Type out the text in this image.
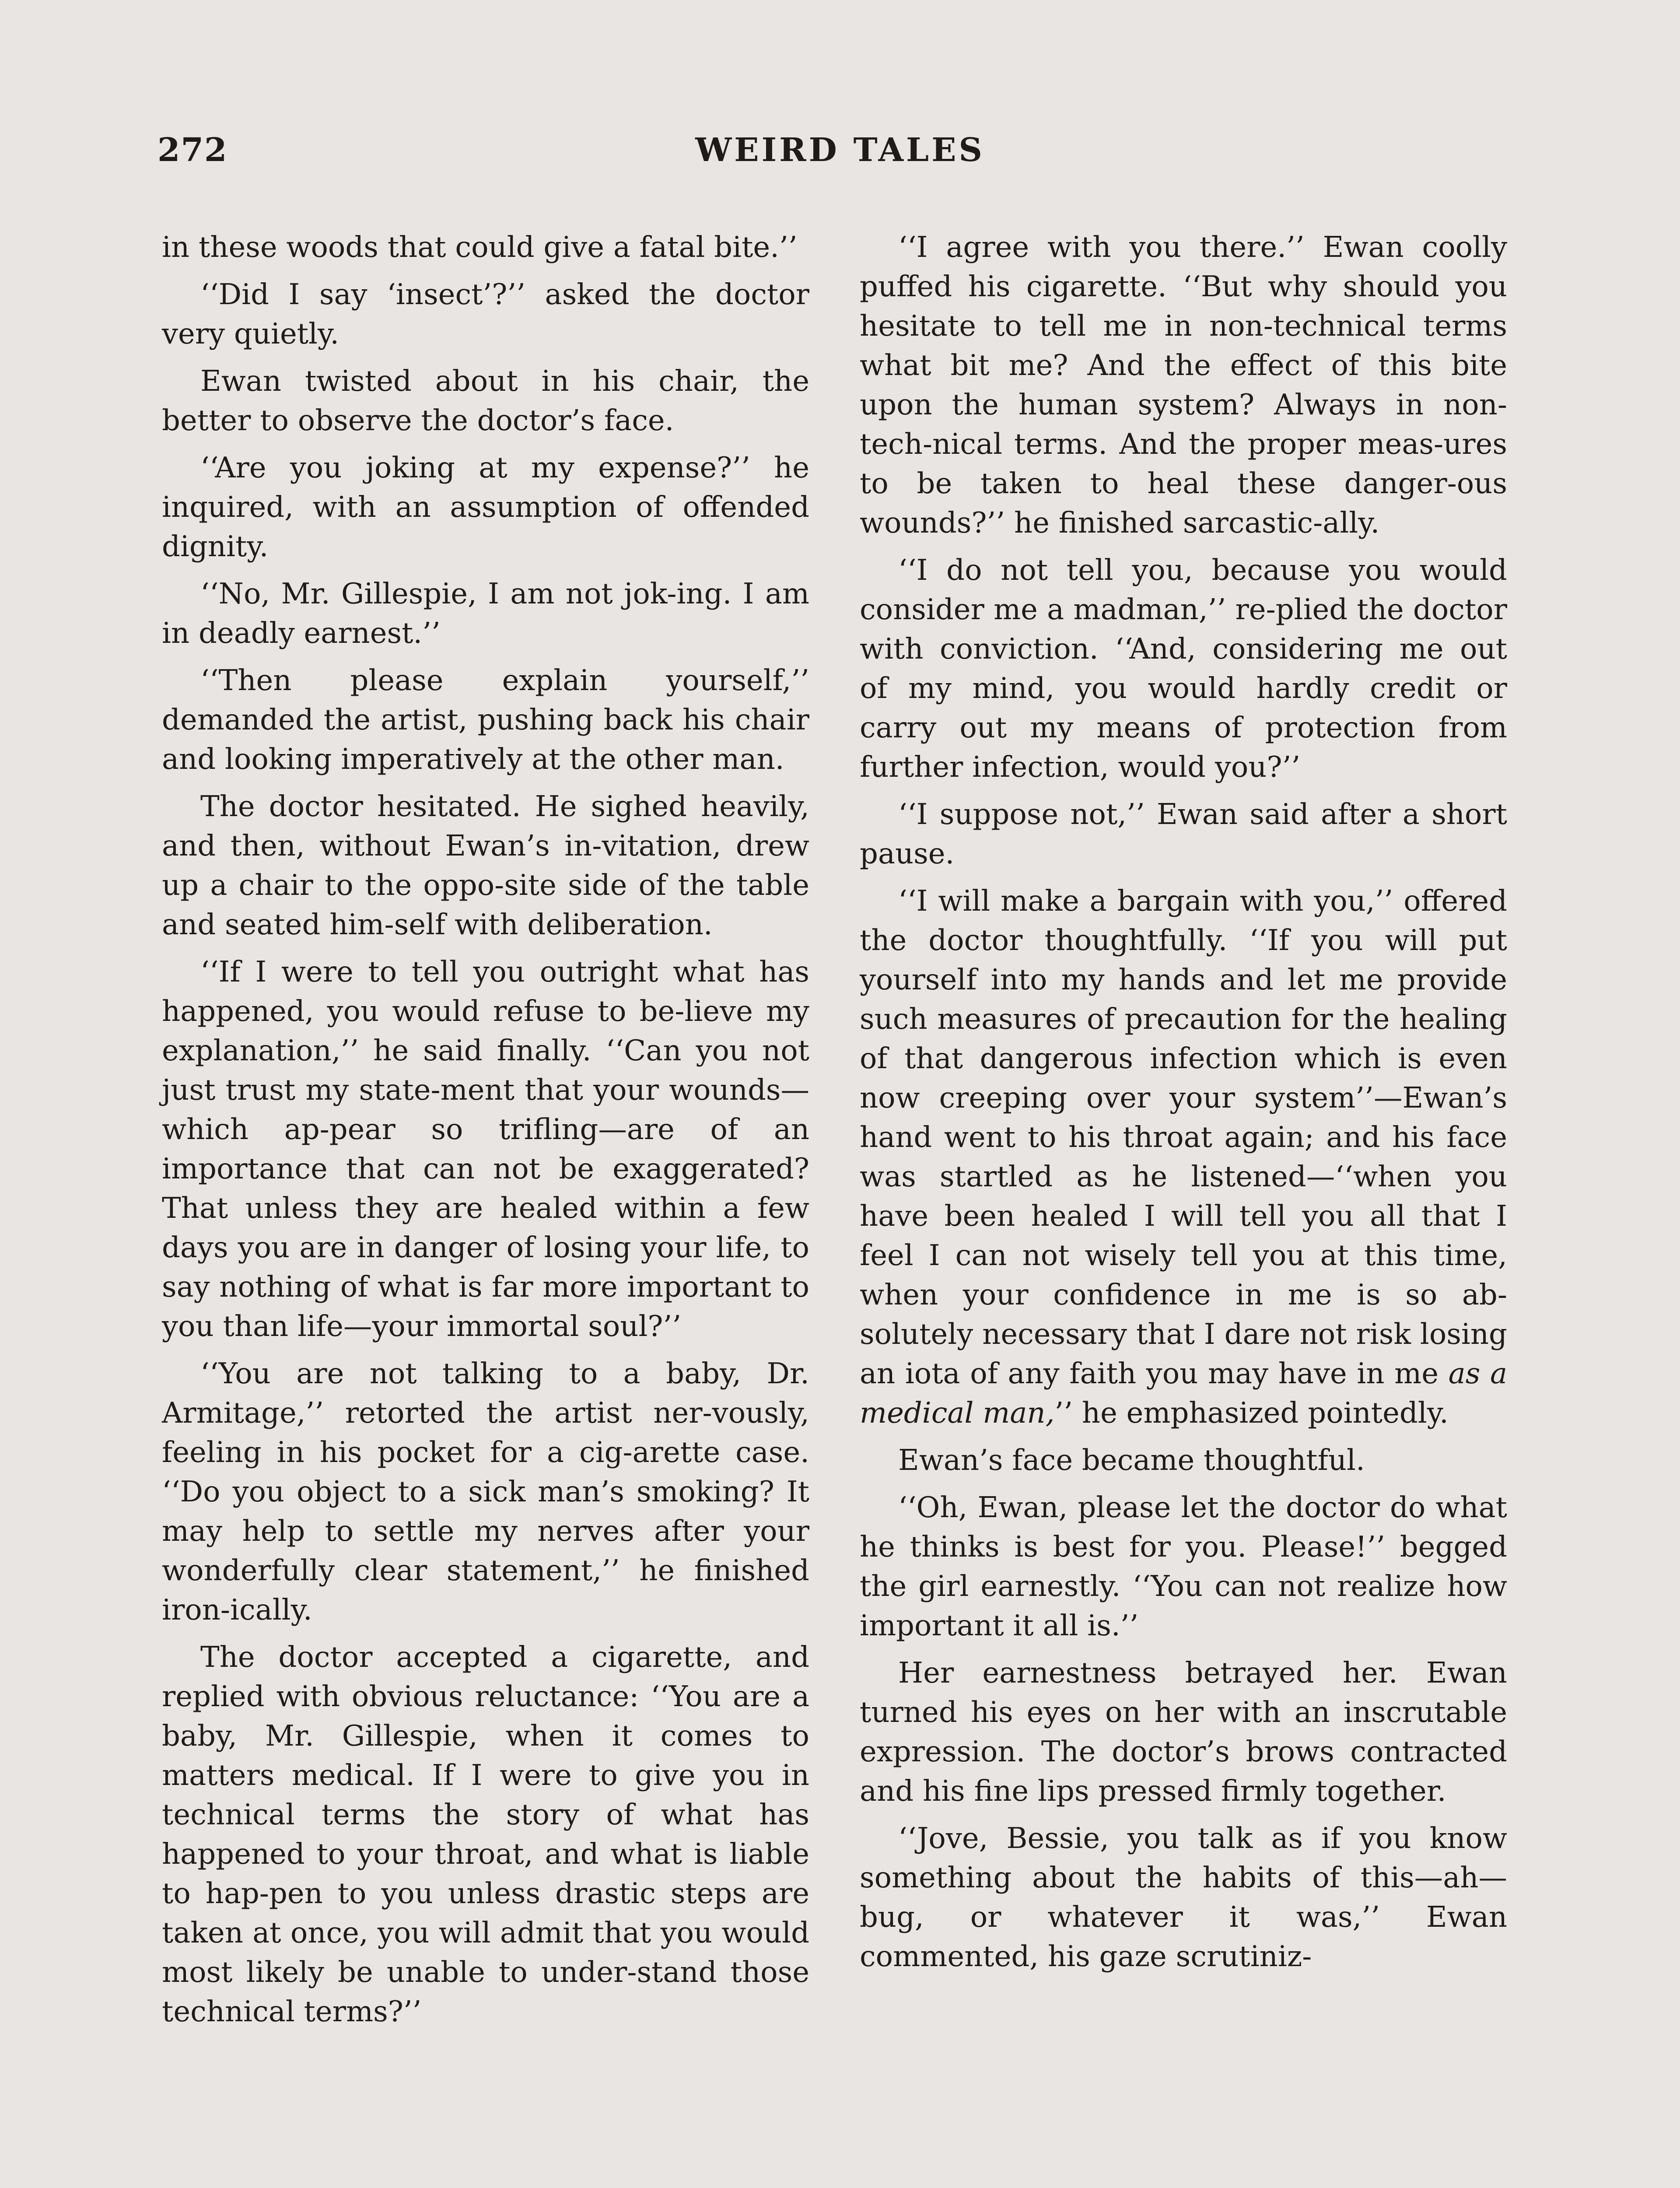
272	WEIRD TALES

in these woods that could give a fatal bite.’’

‘‘Did I say ‘insect’?’’ asked the doctor very quietly.

Ewan twisted about in his chair, the better to observe the doctor’s face.

‘‘Are you joking at my expense?’’ he inquired, with an assumption of offended dignity.

‘‘No, Mr. Gillespie, I am not jok-ing. I am in deadly earnest.’’

‘‘Then please explain yourself,’’ demanded the artist, pushing back his chair and looking imperatively at the other man.

The doctor hesitated. He sighed heavily, and then, without Ewan’s in-vitation, drew up a chair to the oppo-site side of the table and seated him-self with deliberation.

‘‘If I were to tell you outright what has happened, you would refuse to be-lieve my explanation,’’ he said finally. ‘‘Can you not just trust my state-ment that your wounds—which ap-pear so trifling—are of an importance that can not be exaggerated? That unless they are healed within a few days you are in danger of losing your life, to say nothing of what is far more important to you than life—your immortal soul?’’

‘‘You are not talking to a baby, Dr. Armitage,’’ retorted the artist ner-vously, feeling in his pocket for a cig-arette case. ‘‘Do you object to a sick man’s smoking? It may help to settle my nerves after your wonderfully clear statement,’’ he finished iron-ically.

The doctor accepted a cigarette, and replied with obvious reluctance: ‘‘You are a baby, Mr. Gillespie, when it comes to matters medical. If I were to give you in technical terms the story of what has happened to your throat, and what is liable to hap-pen to you unless drastic steps are taken at once, you will admit that you would most likely be unable to under-stand those technical terms?’’

‘‘I agree with you there.’’ Ewan coolly puffed his cigarette. ‘‘But why should you hesitate to tell me in non-technical terms what bit me? And the effect of this bite upon the human system? Always in non-tech-nical terms. And the proper meas-ures to be taken to heal these danger-ous wounds?’’ he finished sarcastic-ally.

‘‘I do not tell you, because you would consider me a madman,’’ re-plied the doctor with conviction. ‘‘And, considering me out of my mind, you would hardly credit or carry out my means of protection from further infection, would you?’’

‘‘I suppose not,’’ Ewan said after a short pause.

‘‘I will make a bargain with you,’’ offered the doctor thoughtfully. ‘‘If you will put yourself into my hands and let me provide such measures of precaution for the healing of that dangerous infection which is even now creeping over your system’’—Ewan’s hand went to his throat again; and his face was startled as he listened—‘‘when you have been healed I will tell you all that I feel I can not wisely tell you at this time, when your confidence in me is so ab-solutely necessary that I dare not risk losing an iota of any faith you may have in me as a medical man,’’ he emphasized pointedly.

Ewan’s face became thoughtful.

‘‘Oh, Ewan, please let the doctor do what he thinks is best for you. Please!’’ begged the girl earnestly. ‘‘You can not realize how important it all is.’’

Her earnestness betrayed her. Ewan turned his eyes on her with an inscrutable expression. The doctor’s brows contracted and his fine lips pressed firmly together.

‘‘Jove, Bessie, you talk as if you know something about the habits of this—ah—bug, or whatever it was,’’ Ewan commented, his gaze scrutiniz-
